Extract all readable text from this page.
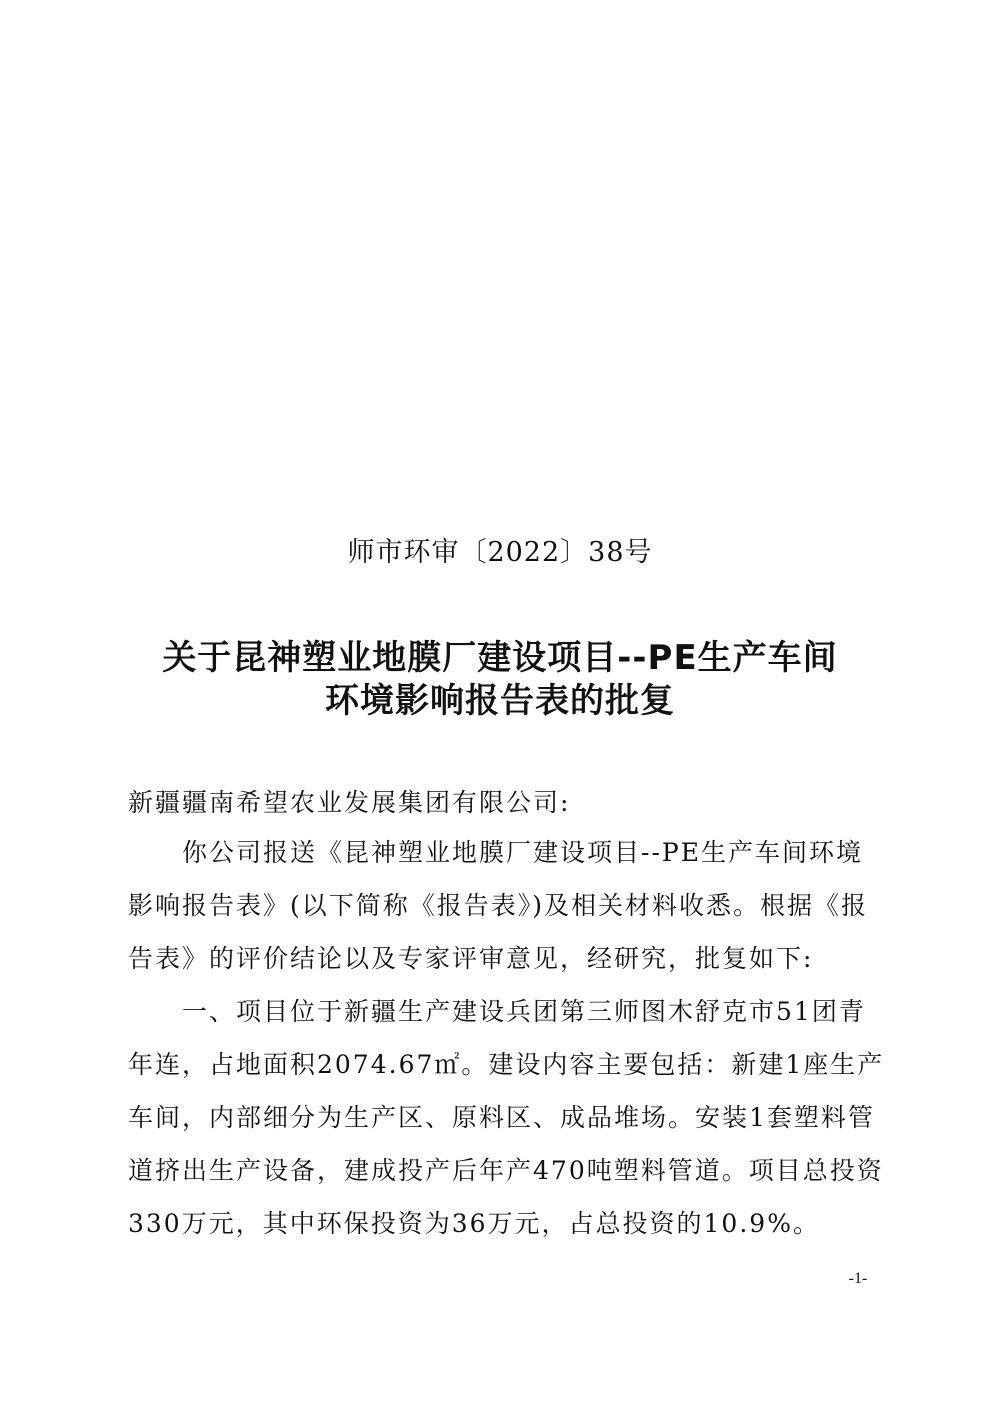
师市环审〔2022〕38号
关于昆神塑业地膜厂建设项目--PE生产车间
环境影响报告表的批复
新疆疆南希望农业发展集团有限公司:
　　你公司报送《昆神塑业地膜厂建设项目--PE生产车间环境
影响报告表》(以下简称《报告表》)及相关材料收悉。根据《报
告表》的评价结论以及专家评审意见，经研究，批复如下:
　　一、项目位于新疆生产建设兵团第三师图木舒克市51团青
年连，占地面积2074.67㎡。建设内容主要包括：新建1座生产
车间，内部细分为生产区、原料区、成品堆场。安装1套塑料管
道挤出生产设备，建成投产后年产470吨塑料管道。项目总投资
330万元，其中环保投资为36万元，占总投资的10.9%。
-1-
